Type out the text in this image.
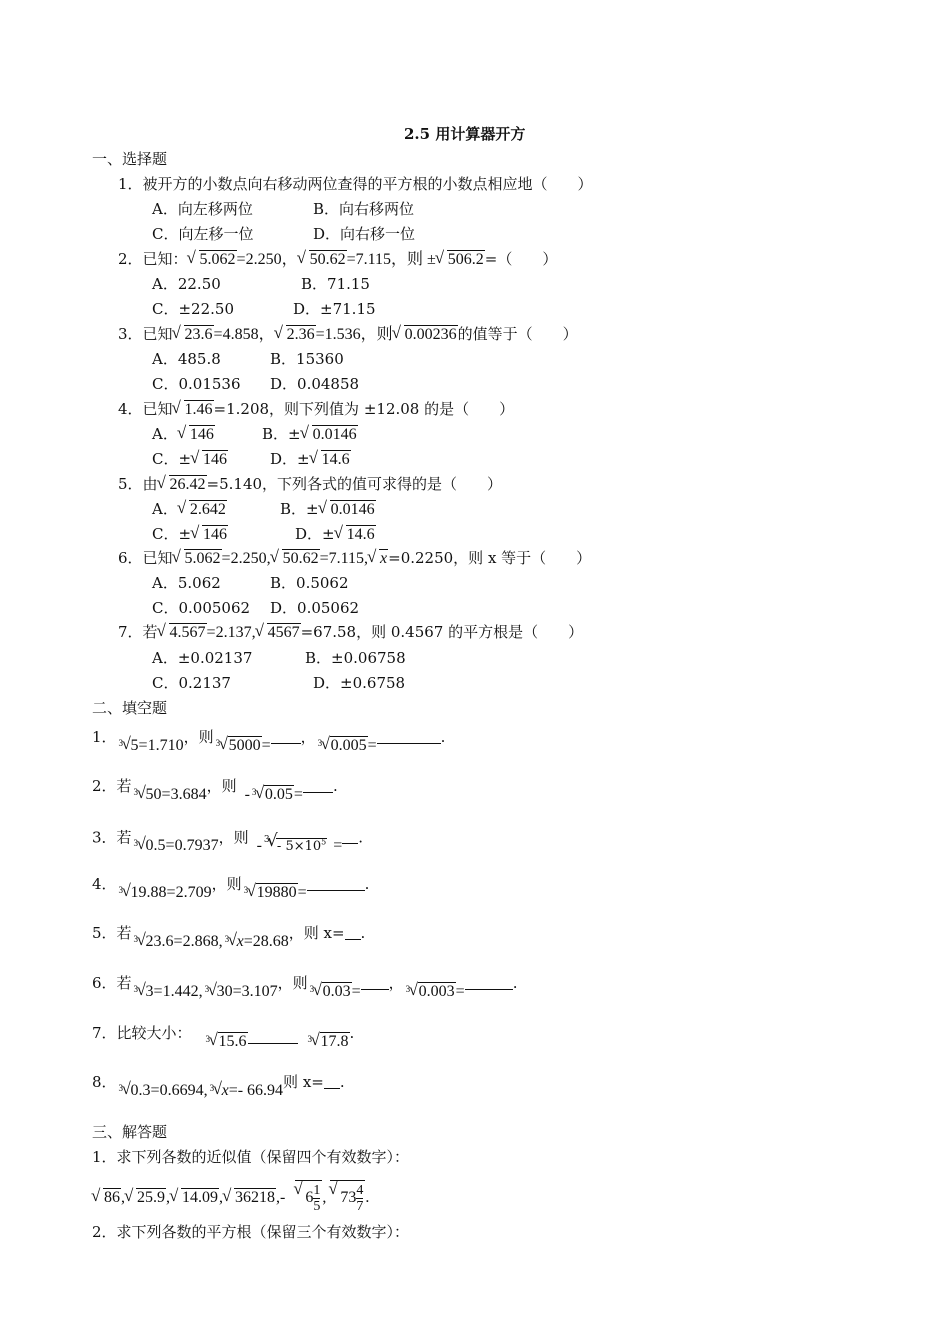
2.5 用计算器开方
一、选择题
1．被开方的小数点向右移动两位查得的平方根的小数点相应地（　　）
A．向左移两位	B．向右移两位
C．向左移一位	D．向右移一位
2．已知：√ 5.062=2.250，√ 50.62=7.115，则 ±√ 506.2=（　　）
A．22.50	B．71.15
C．±22.50	D．±71.15
3．已知√ 23.6=4.858，√ 2.36=1.536，则√ 0.00236的值等于（　　）
A．485.8	B．15360
C．0.01536 D．0.04858
4．已知√ 1.46=1.208，则下列值为 ±12.08 的是（　　）
A．√ 146	B．±√ 0.0146
C．±√ 146	D．±√ 14.6
5．由√ 26.42=5.140，下列各式的值可求得的是（　　）
A．√ 2.642	B．±√ 0.0146
C．±√ 146	D．±√ 14.6
6．已知√ 5.062=2.250,√ 50.62=7.115,√ x=0.2250，则 x 等于（　　）
A．5.062	B．0.5062
C．0.005062 D．0.05062
7．若√ 4.567=2.137,√ 4567=67.58，则 0.4567 的平方根是（　　）
A．±0.02137	B．±0.06758
C．0.2137	D．±0.6758
二、填空题
1．3 5 √=1.710，则3 5000 √= ，3 0.005 √=	.
2．若3 50 √=3.684，则 -3 0.05 √= .
3．若3 0.5 √=0.7937，则 $-3 - 5\times 10^5$ √ = .
4．3 19.88 √=2.709，则3 19880 √=	.
5．若3 23.6 √=2.868,3 x √=28.68，则 x= .
6．若3 3 √=1.442,3 30 √=3.107，则3 0.03 √= ，3 0.003 √=	.
7．比较大小：3 15.6 √3	17.8 √.
8．3 0.3 √=0.6694,3 x √=- 66.94则 x= .
三、解答题
1．求下列各数的近似值（保留四个有效数字）：
√ 86,√ 25.9,√ 14.09,√ 36218,-√ $6 \frac{1}{5}$ ,√ $73 \frac{4}{7}$ .
2．求下列各数的平方根（保留三个有效数字）：
